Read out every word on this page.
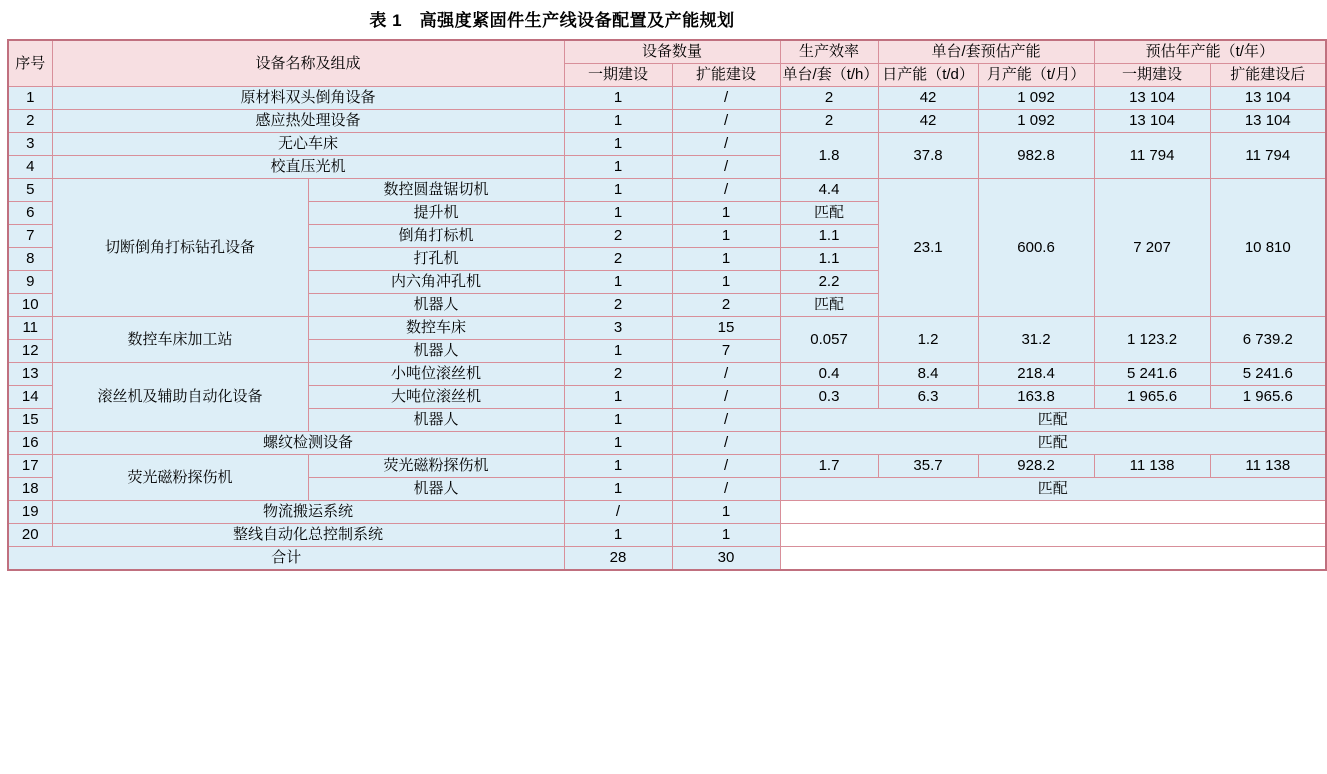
表 1　高强度紧固件生产线设备配置及产能规划
序号	设备名称及组成		设备数量		生产效率	单台/套预估产能		预估年产能（t/年）	
			一期建设	扩能建设	单台/套（t/h）	日产能（t/d）	月产能（t/月）	一期建设	扩能建设后
1	原材料双头倒角设备		1	/	2	42	1 092	13 104	13 104
2	感应热处理设备		1	/	2	42	1 092	13 104	13 104
3	无心车床		1	/	1.8	37.8	982.8	11 794	11 794
4	校直压光机		1	/					
5	切断倒角打标钻孔设备	数控圆盘锯切机	1	/	4.4	23.1	600.6	7 207	10 810
6		提升机	1	1	匹配				
7		倒角打标机	2	1	1.1				
8		打孔机	2	1	1.1				
9		内六角冲孔机	1	1	2.2				
10		机器人	2	2	匹配				
11	数控车床加工站	数控车床	3	15	0.057	1.2	31.2	1 123.2	6 739.2
12		机器人	1	7					
13	滚丝机及辅助自动化设备	小吨位滚丝机	2	/	0.4	8.4	218.4	5 241.6	5 241.6
14		大吨位滚丝机	1	/	0.3	6.3	163.8	1 965.6	1 965.6
15		机器人	1	/	匹配				
16	螺纹检测设备		1	/	匹配				
17	荧光磁粉探伤机	荧光磁粉探伤机	1	/	1.7	35.7	928.2	11 138	11 138
18		机器人	1	/	匹配				
19	物流搬运系统		/	1					
20	整线自动化总控制系统		1	1					
合计			28	30					
